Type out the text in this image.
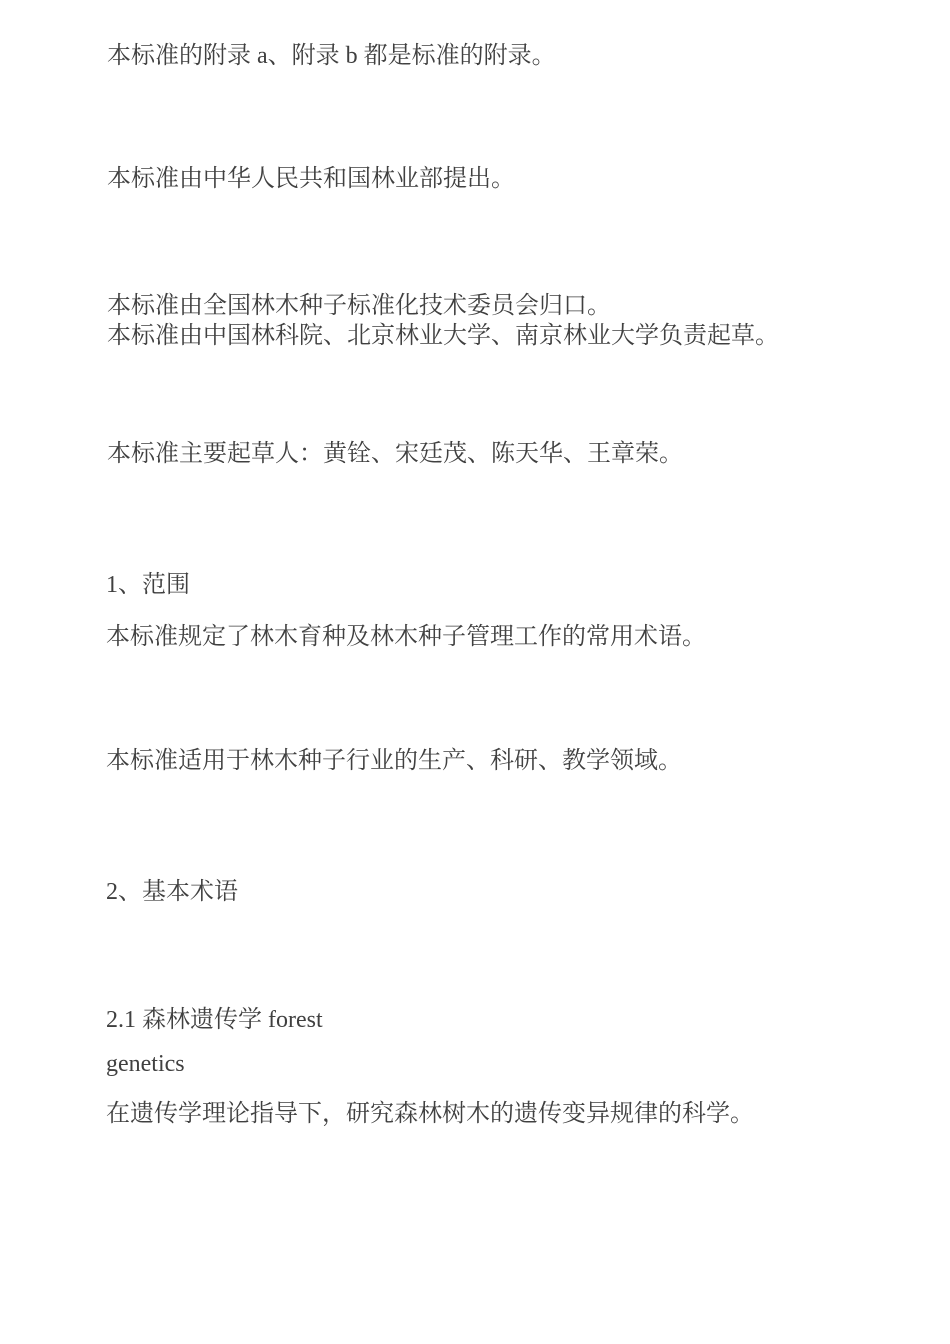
本标准的附录 a、附录 b 都是标准的附录。

本标准由中华人民共和国林业部提出。

本标准由全国林木种子标准化技术委员会归口。

本标准由中国林科院、北京林业大学、南京林业大学负责起草。

本标准主要起草人：黄铨、宋廷茂、陈天华、王章荣。

1、范围

本标准规定了林木育种及林木种子管理工作的常用术语。

本标准适用于林木种子行业的生产、科研、教学领域。

2、基本术语

2.1 森林遗传学 forest

genetics

在遗传学理论指导下，研究森林树木的遗传变异规律的科学。
